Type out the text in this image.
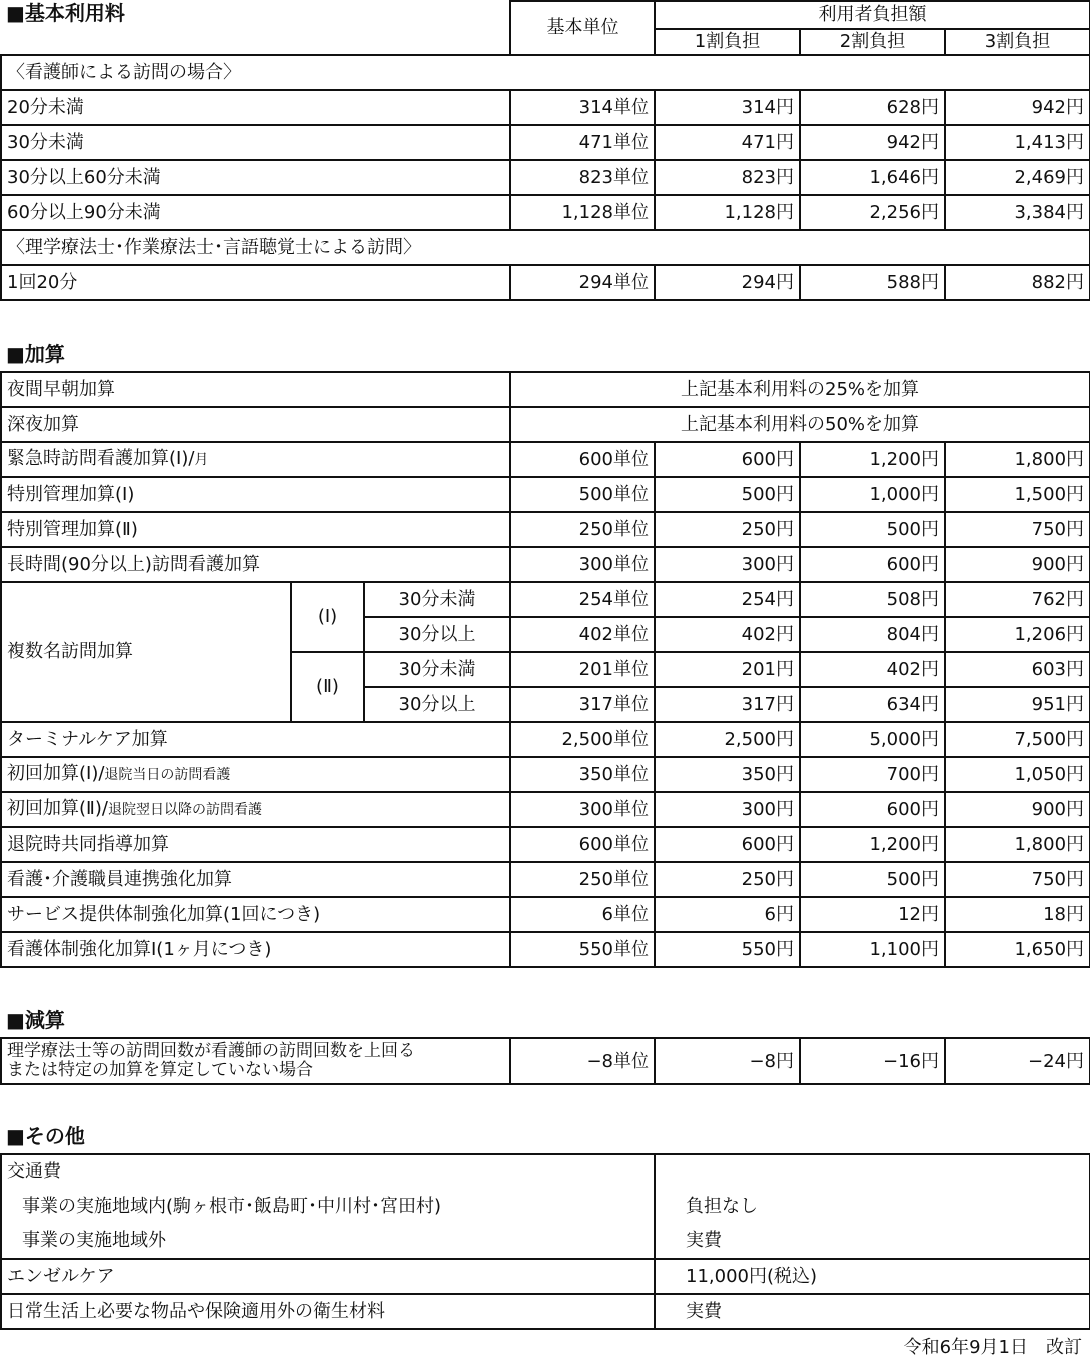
■基本利用料	基本単位	利用者負担額		
		1割負担	2割負担	3割負担
〈看護師による訪問の場合〉				
20分未満	314単位	314円	628円	942円
30分未満	471単位	471円	942円	1,413円
30分以上60分未満	823単位	823円	1,646円	2,469円
60分以上90分未満	1,128単位	1,128円	2,256円	3,384円
〈理学療法士･作業療法士･言語聴覚士による訪問〉				
1回20分	294単位	294円	588円	882円
■加算
夜間早朝加算			上記基本利用料の25%を加算			
深夜加算			上記基本利用料の50%を加算			
緊急時訪問看護加算(Ⅰ)/月			600単位	600円	1,200円	1,800円
特別管理加算(Ⅰ)			500単位	500円	1,000円	1,500円
特別管理加算(Ⅱ)			250単位	250円	500円	750円
長時間(90分以上)訪問看護加算			300単位	300円	600円	900円
複数名訪問加算	(Ⅰ)	30分未満	254単位	254円	508円	762円
		30分以上	402単位	402円	804円	1,206円
	(Ⅱ)	30分未満	201単位	201円	402円	603円
		30分以上	317単位	317円	634円	951円
ターミナルケア加算			2,500単位	2,500円	5,000円	7,500円
初回加算(Ⅰ)/退院当日の訪問看護			350単位	350円	700円	1,050円
初回加算(Ⅱ)/退院翌日以降の訪問看護			300単位	300円	600円	900円
退院時共同指導加算			600単位	600円	1,200円	1,800円
看護･介護職員連携強化加算			250単位	250円	500円	750円
サービス提供体制強化加算(1回につき)			6単位	6円	12円	18円
看護体制強化加算Ⅰ(1ヶ月につき)			550単位	550円	1,100円	1,650円
■減算
理学療法士等の訪問回数が看護師の訪問回数を上回る
または特定の加算を算定していない場合	−8単位	−8円	−16円	−24円
■その他
交通費	
事業の実施地域内(駒ヶ根市･飯島町･中川村･宮田村)	負担なし
事業の実施地域外	実費
エンゼルケア	11,000円(税込)
日常生活上必要な物品や保険適用外の衛生材料	実費
令和6年9月1日　改訂
